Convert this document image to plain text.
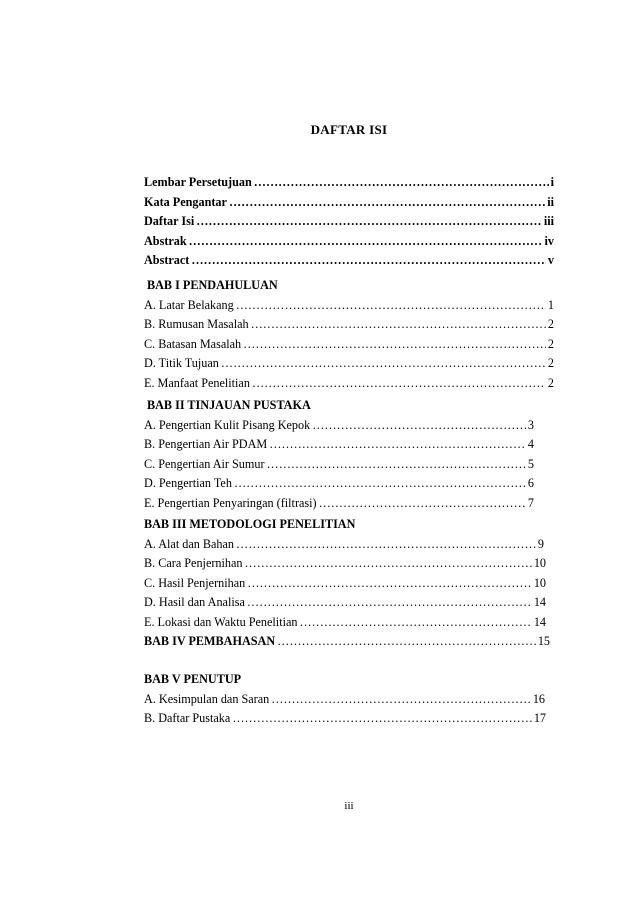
DAFTAR ISI
Lembar Persetujuan ……………………………………………………………………………………………………………………………………………………	i
Kata Pengantar ……………………………………………………………………………………………………………………………………………………	ii
Daftar Isi ……………………………………………………………………………………………………………………………………………………	iii
Abstrak ……………………………………………………………………………………………………………………………………………………	iv
Abstract ……………………………………………………………………………………………………………………………………………………	v
BAB I PENDAHULUAN
A. Latar Belakang ……………………………………………………………………………………………………………………………………………………	1
B. Rumusan Masalah ……………………………………………………………………………………………………………………………………………………	2
C. Batasan Masalah ……………………………………………………………………………………………………………………………………………………	2
D. Titik Tujuan ……………………………………………………………………………………………………………………………………………………	2
E. Manfaat Penelitian ……………………………………………………………………………………………………………………………………………………	2
BAB II TINJAUAN PUSTAKA
A. Pengertian Kulit Pisang Kepok ……………………………………………………………………………………………………………………………………………………	3
B. Pengertian Air PDAM ……………………………………………………………………………………………………………………………………………………	4
C. Pengertian Air Sumur ……………………………………………………………………………………………………………………………………………………	5
D. Pengertian Teh ……………………………………………………………………………………………………………………………………………………	6
E. Pengertian Penyaringan (filtrasi) ……………………………………………………………………………………………………………………………………………………	7
BAB III METODOLOGI PENELITIAN
A. Alat dan Bahan ……………………………………………………………………………………………………………………………………………………	9
B. Cara Penjernihan ……………………………………………………………………………………………………………………………………………………	10
C. Hasil Penjernihan ……………………………………………………………………………………………………………………………………………………	10
D. Hasil dan Analisa ……………………………………………………………………………………………………………………………………………………	14
E. Lokasi dan Waktu Penelitian ……………………………………………………………………………………………………………………………………………………	14
BAB IV PEMBAHASAN ……………………………………………………………………………………………………………………………………………………	15
BAB V PENUTUP
A. Kesimpulan dan Saran ……………………………………………………………………………………………………………………………………………………	16
B. Daftar Pustaka ……………………………………………………………………………………………………………………………………………………	17
iii
